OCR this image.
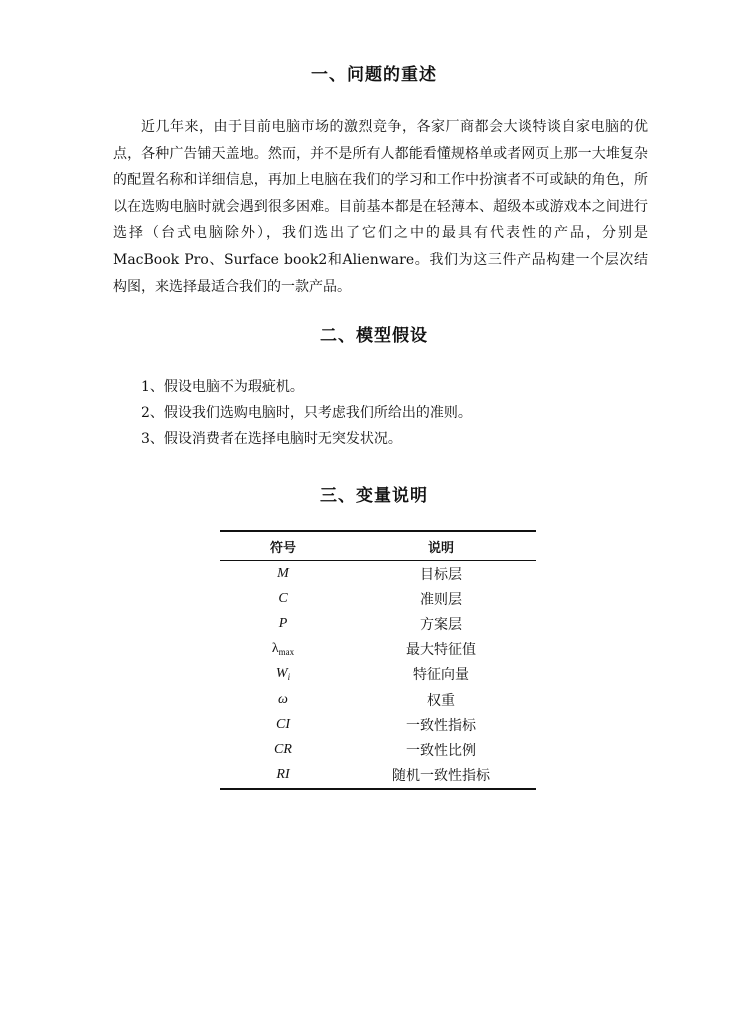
一、问题的重述

近几年来，由于目前电脑市场的激烈竞争，各家厂商都会大谈特谈自家电脑的优点，各种广告铺天盖地。然而，并不是所有人都能看懂规格单或者网页上那一大堆复杂的配置名称和详细信息，再加上电脑在我们的学习和工作中扮演者不可或缺的角色，所以在选购电脑时就会遇到很多困难。目前基本都是在轻薄本、超级本或游戏本之间进行选择（台式电脑除外），我们选出了它们之中的最具有代表性的产品，分别是MacBook Pro、Surface book2和Alienware。我们为这三件产品构建一个层次结构图，来选择最适合我们的一款产品。

二、模型假设
1、假设电脑不为瑕疵机。
2、假设我们选购电脑时，只考虑我们所给出的准则。
3、假设消费者在选择电脑时无突发状况。
三、变量说明
符号	说明
M	目标层
C	准则层
P	方案层
$\lambda_{max}$	最大特征值
$W_i$	特征向量
ω	权重
CI	一致性指标
CR	一致性比例
RI	随机一致性指标
